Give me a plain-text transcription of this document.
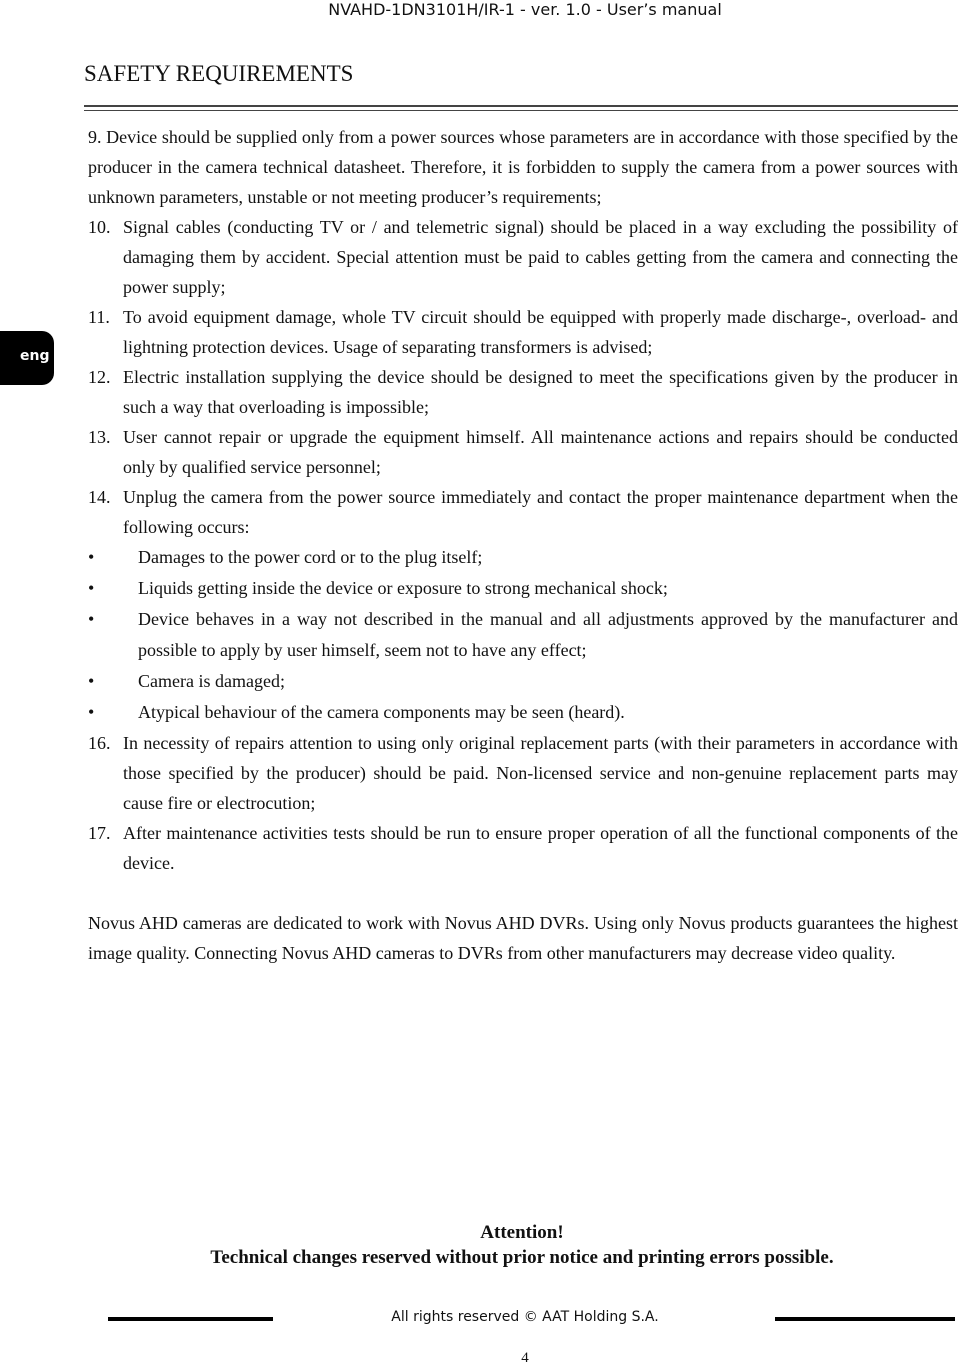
NVAHD-1DN3101H/IR-1 - ver. 1.0 - User’s manual
SAFETY REQUIREMENTS
eng
9. Device should be supplied only from a power sources whose parameters are in accordance with those specified by the producer in the camera technical datasheet. Therefore, it is forbidden to supply the camera from a power sources with unknown parameters, unstable or not meeting producer’s requirements;
10. Signal cables (conducting TV or / and telemetric signal) should be placed in a way excluding the possibility of damaging them by accident. Special attention must be paid to cables getting from the camera and connecting the power supply;
11. To avoid equipment damage, whole TV circuit should be equipped with properly made discharge-, overload- and lightning protection devices. Usage of separating transformers is advised;
12. Electric installation supplying the device should be designed to meet the specifications given by the producer in such a way that overloading is impossible;
13. User cannot repair or upgrade the equipment himself. All maintenance actions and repairs should be conducted only by qualified service personnel;
14. Unplug the camera from the power source immediately and contact the proper maintenance department when the following occurs:
• Damages to the power cord or to the plug itself;
• Liquids getting inside the device or exposure to strong mechanical shock;
• Device behaves in a way not described in the manual and all adjustments approved by the manufacturer and possible to apply by user himself, seem not to have any effect;
• Camera is damaged;
• Atypical behaviour of the camera components may be seen (heard).
16. In necessity of repairs attention to using only original replacement parts (with their parameters in accordance with those specified by the producer) should be paid. Non-licensed service and non-genuine replacement parts may cause fire or electrocution;
17. After maintenance activities tests should be run to ensure proper operation of all the functional components of the device.
Novus AHD cameras are dedicated to work with Novus AHD DVRs. Using only Novus products guarantees the highest image quality. Connecting Novus AHD cameras to DVRs from other manufacturers may decrease video quality.
Attention!
Technical changes reserved without prior notice and printing errors possible.
All rights reserved © AAT Holding S.A.
4
